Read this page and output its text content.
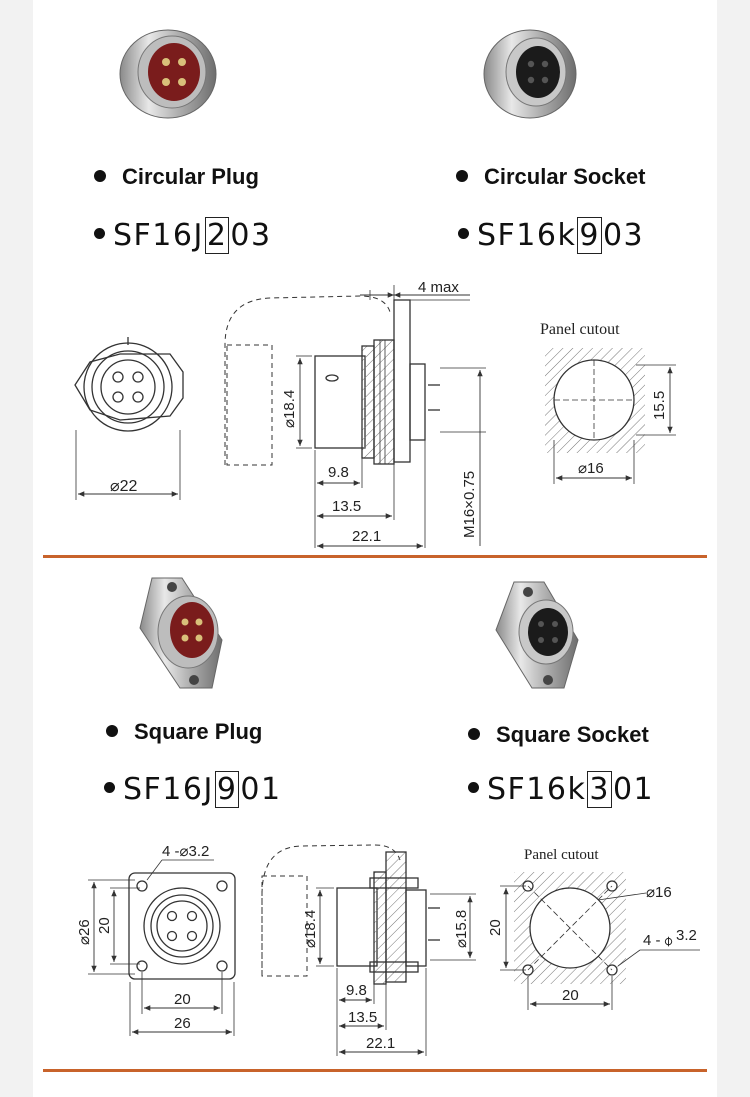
Circular Plug	Circular Socket
SF16J 2 03	SF16k 9 03
Square Plug	Square Socket
SF16J 9 01	SF16k 3 01
4 max
Panel cutout
⌀22
⌀18.4
9.8
13.5
22.1	M16×0.75
15.5
⌀16
4 -⌀3.2	Panel cutout
⌀26 20
20
26
⌀18.4	⌀15.8
9.8
13.5
22.1
20
20
⌀16
4 -
⌀ 3.2
